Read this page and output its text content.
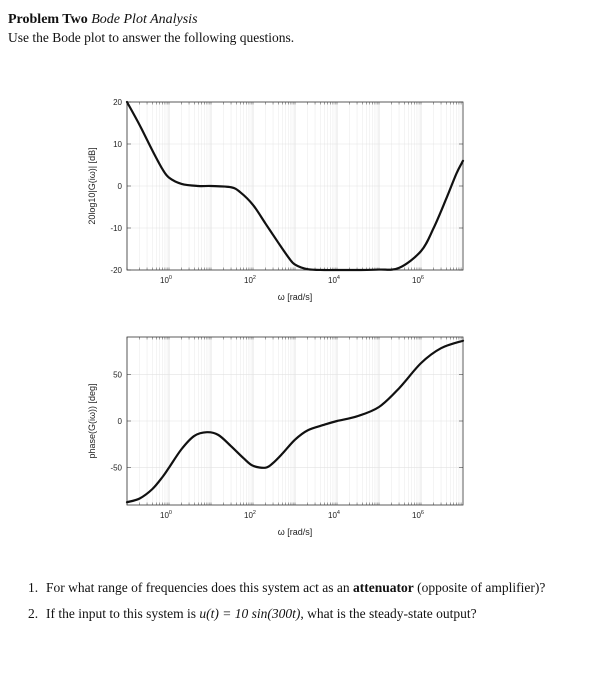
Problem Two Bode Plot Analysis
Use the Bode plot to answer the following questions.
20
10
0
-10
-20
$10^0$	$10^2$	$10^4$	$10^6$
ω [rad/s]
20log10|G(iω)| [dB]
50
0
-50
$10^0$	$10^2$	$10^4$	$10^6$
ω [rad/s]
phase(G(iω)) [deg]
1. For what range of frequencies does this system act as an attenuator (opposite of amplifier)?
2. If the input to this system is u(t) = 10 sin(300t), what is the steady-state output?
